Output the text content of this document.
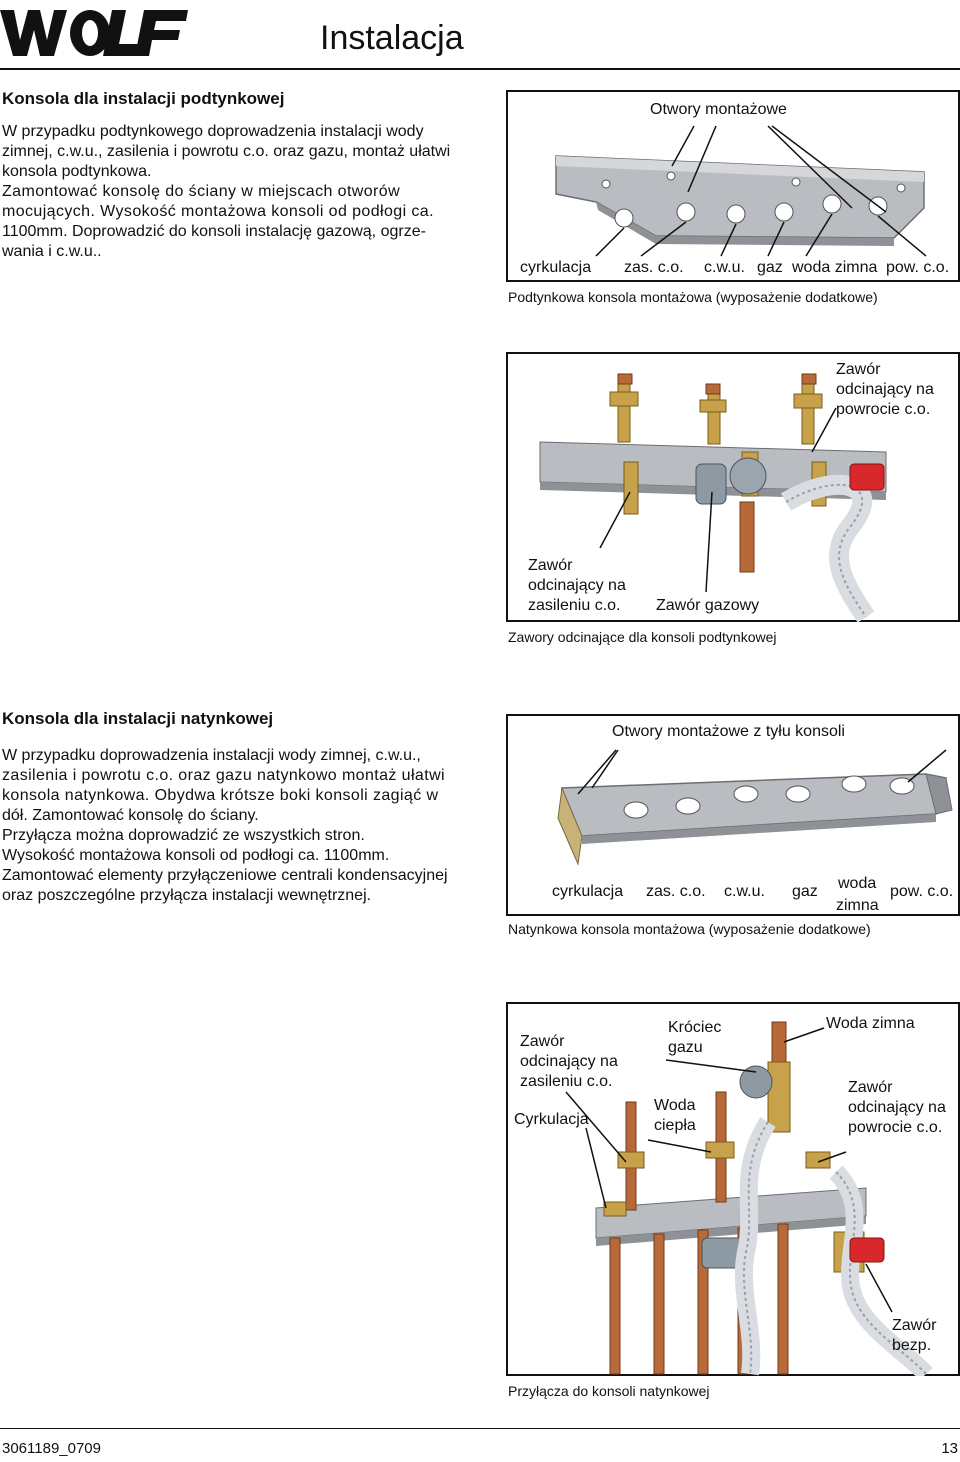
Instalacja
Konsola dla instalacji podtynkowej

W przypadku podtynkowego doprowadzenia instalacji wody

zimnej, c.w.u., zasilenia i powrotu c.o. oraz gazu, montaż ułatwi

konsola podtynkowa.

Zamontować konsolę do ściany w miejscach otworów

mocujących. Wysokość montażowa konsoli od podłogi ca.

1100mm. Doprowadzić do konsoli instalację gazową, ogrze-

wania i c.w.u..

Otwory montażowe
cyrkulacja zas. c.o. c.w.u. gaz woda zimna pow. c.o.
Podtynkowa konsola montażowa (wyposażenie dodatkowe)
Zawór odcinający na powrocie c.o.
Zawór odcinający na zasileniu c.o.	Zawór gazowy
Zawory odcinające dla konsoli podtynkowej
Konsola dla instalacji natynkowej

W przypadku doprowadzenia instalacji wody zimnej, c.w.u.,

zasilenia i powrotu c.o. oraz gazu natynkowo montaż ułatwi

konsola natynkowa. Obydwa krótsze boki konsoli zagiąć w

dół. Zamontować konsolę do ściany.

Przyłącza można doprowadzić ze wszystkich stron.

Wysokość montażowa konsoli od podłogi ca. 1100mm.

Zamontować elementy przyłączeniowe centrali kondensacyjnej

oraz poszczególne przyłącza instalacji wewnętrznej.

Otwory montażowe z tyłu konsoli
cyrkulacja zas. c.o. c.w.u. gaz woda
zimna
pow. c.o.
Natynkowa konsola montażowa (wyposażenie dodatkowe)
Zawór odcinający na zasileniu c.o.
Cyrkulacja
Króciec gazu
Woda ciepła
Woda zimna
Zawór odcinający na powrocie c.o.
Zawór bezp.
Przyłącza do konsoli natynkowej
3061189_0709	13
